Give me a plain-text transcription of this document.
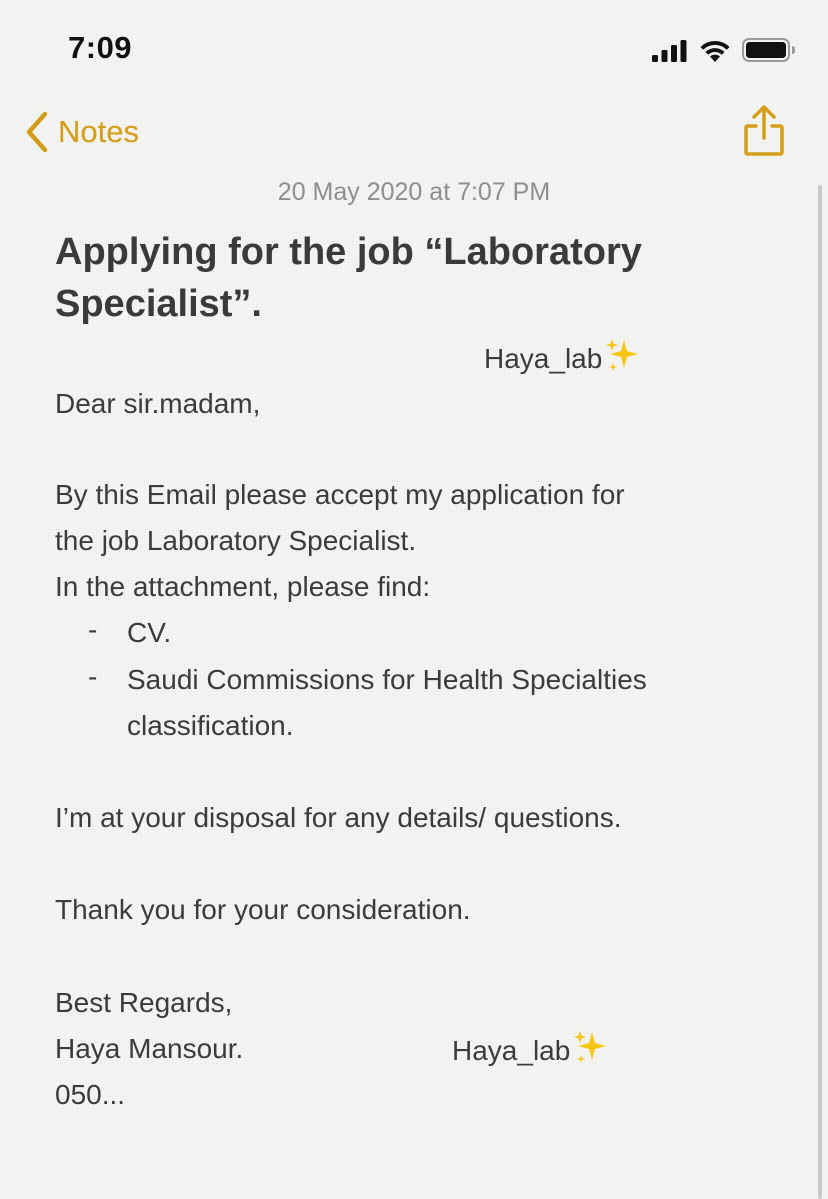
7:09
Notes
20 May 2020 at 7:07 PM
Applying for the job “Laboratory Specialist”.
Haya_lab
Dear sir.madam,
By this Email please accept my application for
the job Laboratory Specialist.
In the attachment, please find:
- CV.
- Saudi Commissions for Health Specialties
classification.
I’m at your disposal for any details/ questions.
Thank you for your consideration.
Best Regards,
Haya Mansour.	Haya_lab
050...
